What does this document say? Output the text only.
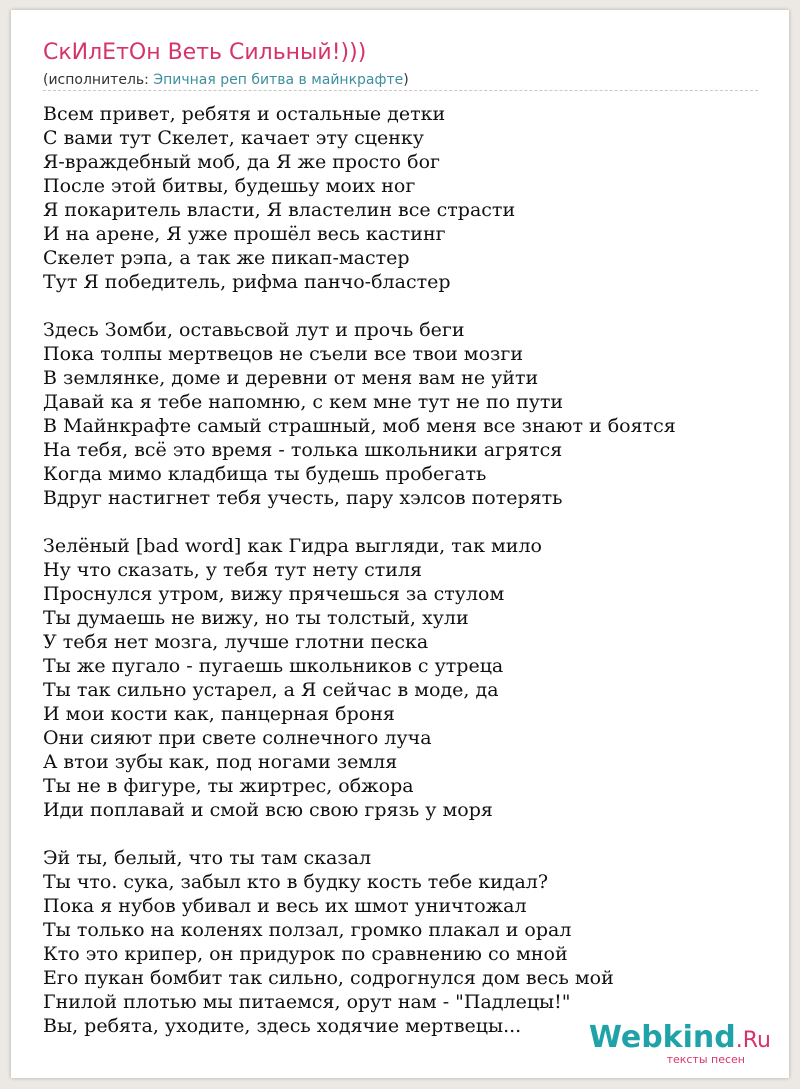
СкИлЕтОн Веть Сильный!)))
(исполнитель: Эпичная реп битва в майнкрафте)
Всем привет, ребятя и остальные детки
С вами тут Скелет, качает эту сценку
Я-враждебный моб, да Я же просто бог
После этой битвы, будешьу моих ног
Я покаритель власти, Я властелин все страсти
И на арене, Я уже прошёл весь кастинг
Скелет рэпа, а так же пикап-мастер
Тут Я победитель, рифма панчо-бластер
Здесь Зомби, оставьсвой лут и прочь беги
Пока толпы мертвецов не съели все твои мозги
В землянке, доме и деревни от меня вам не уйти
Давай ка я тебе напомню, с кем мне тут не по пути
В Майнкрафте самый страшный, моб меня все знают и боятся
На тебя, всё это время - толька школьники агрятся
Когда мимо кладбища ты будешь пробегать
Вдруг настигнет тебя учесть, пару хэлсов потерять
Зелёный [bad word] как Гидра выгляди, так мило
Ну что сказать, у тебя тут нету стиля
Проснулся утром, вижу прячешься за стулом
Ты думаешь не вижу, но ты толстый, хули
У тебя нет мозга, лучше глотни песка
Ты же пугало - пугаешь школьников с утреца
Ты так сильно устарел, а Я сейчас в моде, да
И мои кости как, панцерная броня
Они сияют при свете солнечного луча
А втои зубы как, под ногами земля
Ты не в фигуре, ты жиртрес, обжора
Иди поплавай и смой всю свою грязь у моря
Эй ты, белый, что ты там сказал
Ты что. сука, забыл кто в будку кость тебе кидал?
Пока я нубов убивал и весь их шмот уничтожал
Ты только на коленях ползал, громко плакал и орал
Кто это крипер, он придурок по сравнению со мной
Его пукан бомбит так сильно, содрогнулся дом весь мой
Гнилой плотью мы питаемся, орут нам - "Падлецы!"
Вы, ребята, уходите, здесь ходячие мертвецы...	Webkind.Ru
тексты песен
